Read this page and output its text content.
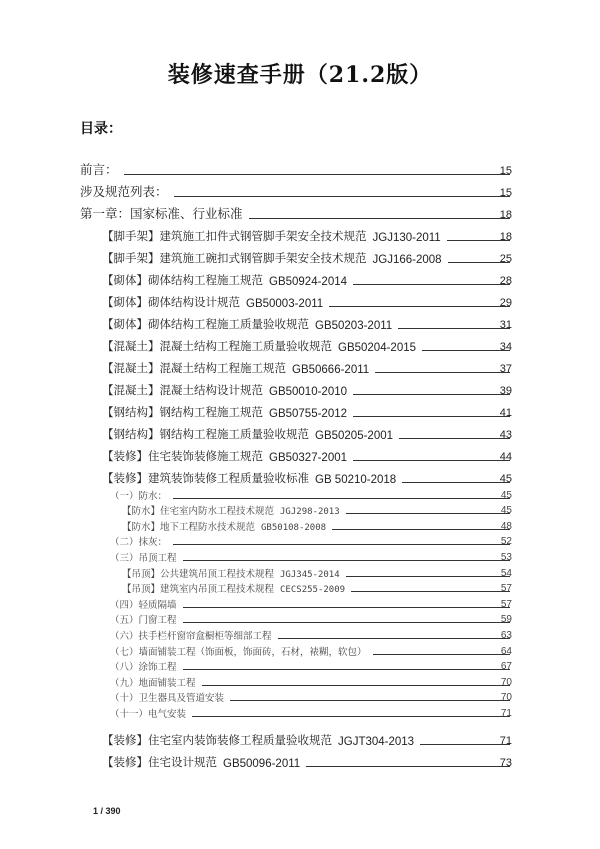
装修速查手册（21.2版）
目录：
前言：	15
涉及规范列表：	15
第一章：国家标准、行业标准	18
【脚手架】建筑施工扣件式钢管脚手架安全技术规范 JGJ130-2011	18
【脚手架】建筑施工碗扣式钢管脚手架安全技术规范 JGJ166-2008	25
【砌体】砌体结构工程施工规范 GB50924-2014	28
【砌体】砌体结构设计规范 GB50003-2011	29
【砌体】砌体结构工程施工质量验收规范 GB50203-2011	31
【混凝土】混凝土结构工程施工质量验收规范 GB50204-2015	34
【混凝土】混凝土结构工程施工规范 GB50666-2011	37
【混凝土】混凝土结构设计规范 GB50010-2010	39
【钢结构】钢结构工程施工规范 GB50755-2012	41
【钢结构】钢结构工程施工质量验收规范 GB50205-2001	43
【装修】住宅装饰装修施工规范 GB50327-2001	44
【装修】建筑装饰装修工程质量验收标准 GB 50210-2018	45
（一）防水：	45
【防水】住宅室内防水工程技术规范 JGJ298-2013	45
【防水】地下工程防水技术规范 GB50108-2008	48
（二）抹灰：	52
（三）吊顶工程	53
【吊顶】公共建筑吊顶工程技术规程 JGJ345-2014	54
【吊顶】建筑室内吊顶工程技术规程 CECS255-2009	57
（四）轻质隔墙	57
（五）门窗工程	59
（六）扶手栏杆窗帘盒橱柜等细部工程	63
（七）墙面铺装工程（饰面板，饰面砖，石材，裱糊，软包）	64
（八）涂饰工程	67
（九）地面铺装工程	70
（十）卫生器具及管道安装	70
（十一）电气安装	71
【装修】住宅室内装饰装修工程质量验收规范 JGJT304-2013	71
【装修】住宅设计规范 GB50096-2011	73
1 / 390
